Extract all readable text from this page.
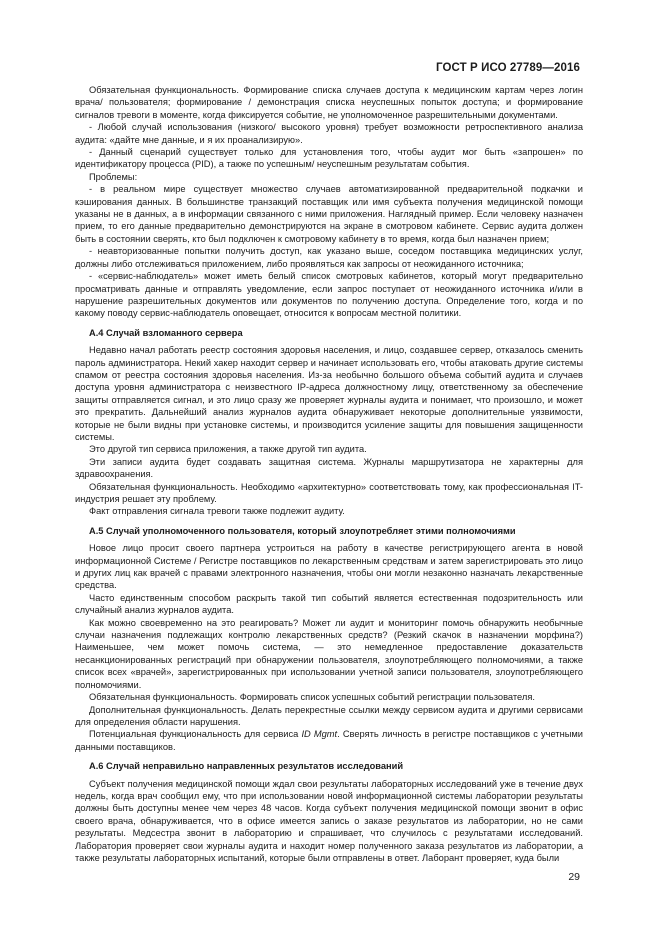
ГОСТ Р ИСО 27789—2016

Обязательная функциональность. Формирование списка случаев доступа к медицинским картам через логин врача/ пользователя; формирование / демонстрация списка неуспешных попыток доступа; и формирование сигналов тревоги в моменте, когда фиксируется событие, не уполномоченное разрешительными документами.

- Любой случай использования (низкого/ высокого уровня) требует возможности ретроспективного анализа аудита: «дайте мне данные, и я их проанализирую».

- Данный сценарий существует только для установления того, чтобы аудит мог быть «запрошен» по идентификатору процесса (PID), а также по успешным/ неуспешным результатам события.

Проблемы:

- в реальном мире существует множество случаев автоматизированной предварительной подкачки и кэширования данных. В большинстве транзакций поставщик или имя субъекта получения медицинской помощи указаны не в данных, а в информации связанного с ними приложения. Наглядный пример. Если человеку назначен прием, то его данные предварительно демонстрируются на экране в смотровом кабинете. Сервис аудита должен быть в состоянии сверять, кто был подключен к смотровому кабинету в то время, когда был назначен прием;

- неавторизованные попытки получить доступ, как указано выше, соседом поставщика медицинских услуг, должны либо отслеживаться приложением, либо проявляться как запросы от неожиданного источника;

- «сервис-наблюдатель» может иметь белый список смотровых кабинетов, который могут предварительно просматривать данные и отправлять уведомление, если запрос поступает от неожиданного источника и/или в нарушение разрешительных документов или документов по получению доступа. Определение того, когда и по какому поводу сервис-наблюдатель оповещает, относится к вопросам местной политики.

А.4 Случай взломанного сервера

Недавно начал работать реестр состояния здоровья населения, и лицо, создавшее сервер, отказалось сменить пароль администратора. Некий хакер находит сервер и начинает использовать его, чтобы атаковать другие системы спамом от реестра состояния здоровья населения. Из-за необычно большого объема событий аудита и случаев доступа уровня администратора с неизвестного IP-адреса должностному лицу, ответственному за обеспечение защиты отправляется сигнал, и это лицо сразу же проверяет журналы аудита и понимает, что произошло, и может это прекратить. Дальнейший анализ журналов аудита обнаруживает некоторые дополнительные уязвимости, которые не были видны при установке системы, и производится усиление защиты для повышения защищенности системы.

Это другой тип сервиса приложения, а также другой тип аудита.

Эти записи аудита будет создавать защитная система. Журналы маршрутизатора не характерны для здравоохранения.

Обязательная функциональность. Необходимо «архитектурно» соответствовать тому, как профессиональная IT-индустрия решает эту проблему.

Факт отправления сигнала тревоги также подлежит аудиту.

А.5 Случай уполномоченного пользователя, который злоупотребляет этими полномочиями

Новое лицо просит своего партнера устроиться на работу в качестве регистрирующего агента в новой информационной Системе / Регистре поставщиков по лекарственным средствам и затем зарегистрировать это лицо и других лиц как врачей с правами электронного назначения, чтобы они могли незаконно назначать лекарственные средства.

Часто единственным способом раскрыть такой тип событий является естественная подозрительность или случайный анализ журналов аудита.

Как можно своевременно на это реагировать? Может ли аудит и мониторинг помочь обнаружить необычные случаи назначения подлежащих контролю лекарственных средств? (Резкий скачок в назначении морфина?) Наименьшее, чем может помочь система, — это немедленное предоставление доказательств несанкционированных регистраций при обнаружении пользователя, злоупотребляющего полномочиями, а также список всех «врачей», зарегистрированных при использовании учетной записи пользователя, злоупотребляющего полномочиями.

Обязательная функциональность. Формировать список успешных событий регистрации пользователя.

Дополнительная функциональность. Делать перекрестные ссылки между сервисом аудита и другими сервисами для определения области нарушения.

Потенциальная функциональность для сервиса ID Mgmt. Сверять личность в регистре поставщиков с учетными данными поставщиков.

А.6 Случай неправильно направленных результатов исследований

Субъект получения медицинской помощи ждал свои результаты лабораторных исследований уже в течение двух недель, когда врач сообщил ему, что при использовании новой информационной системы лаборатории результаты должны быть доступны менее чем через 48 часов. Когда субъект получения медицинской помощи звонит в офис своего врача, обнаруживается, что в офисе имеется запись о заказе результатов из лаборатории, но не сами результаты. Медсестра звонит в лабораторию и спрашивает, что случилось с результатами исследований. Лаборатория проверяет свои журналы аудита и находит номер полученного заказа результатов из лаборатории, а также результаты лабораторных испытаний, которые были отправлены в ответ. Лаборант проверяет, куда были

29
